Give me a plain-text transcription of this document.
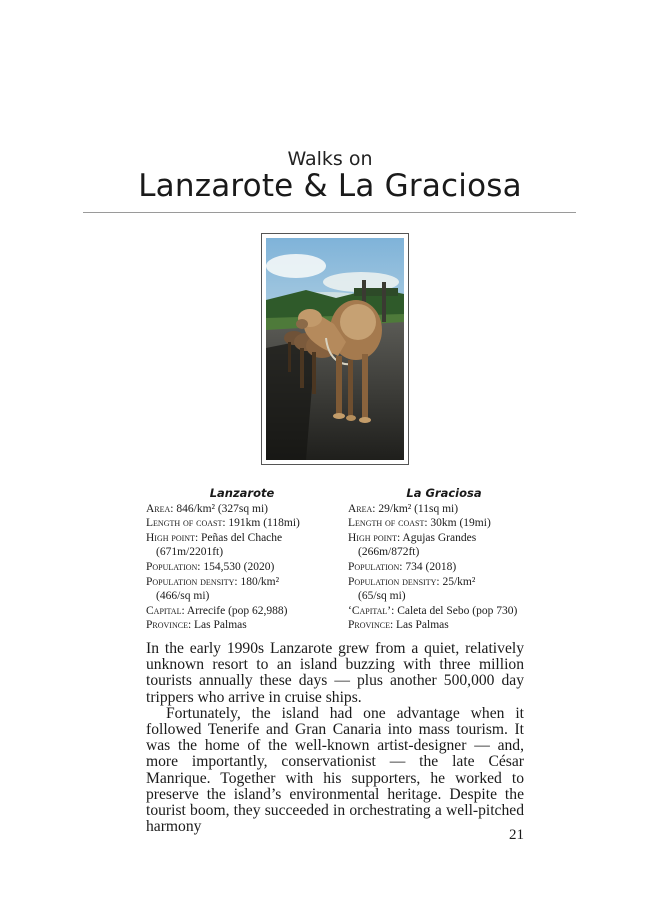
Walks on
Lanzarote & La Graciosa
Lanzarote
Area: 846/km² (327sq mi)
Length of coast: 191km (118mi)
High point: Peñas del Chache
(671m/2201ft)
Population: 154,530 (2020)
Population density: 180/km²
(466/sq mi)
Capital: Arrecife (pop 62,988)
Province: Las Palmas
La Graciosa
Area: 29/km² (11sq mi)
Length of coast: 30km (19mi)
High point: Agujas Grandes
(266m/872ft)
Population: 734 (2018)
Population density: 25/km²
(65/sq mi)
‘Capital’: Caleta del Sebo (pop 730)
Province: Las Palmas

In the early 1990s Lanzarote grew from a quiet, relatively unknown resort to an island buzzing with three million tourists annually these days — plus another 500,000 day trippers who arrive in cruise ships.

Fortunately, the island had one advantage when it followed Tenerife and Gran Canaria into mass tourism. It was the home of the well-known artist-designer — and, more importantly, conservationist — the late César Manrique. Together with his supporters, he worked to preserve the island’s environmental heritage. Despite the tourist boom, they succeeded in orchestrating a well-pitched harmony	21
